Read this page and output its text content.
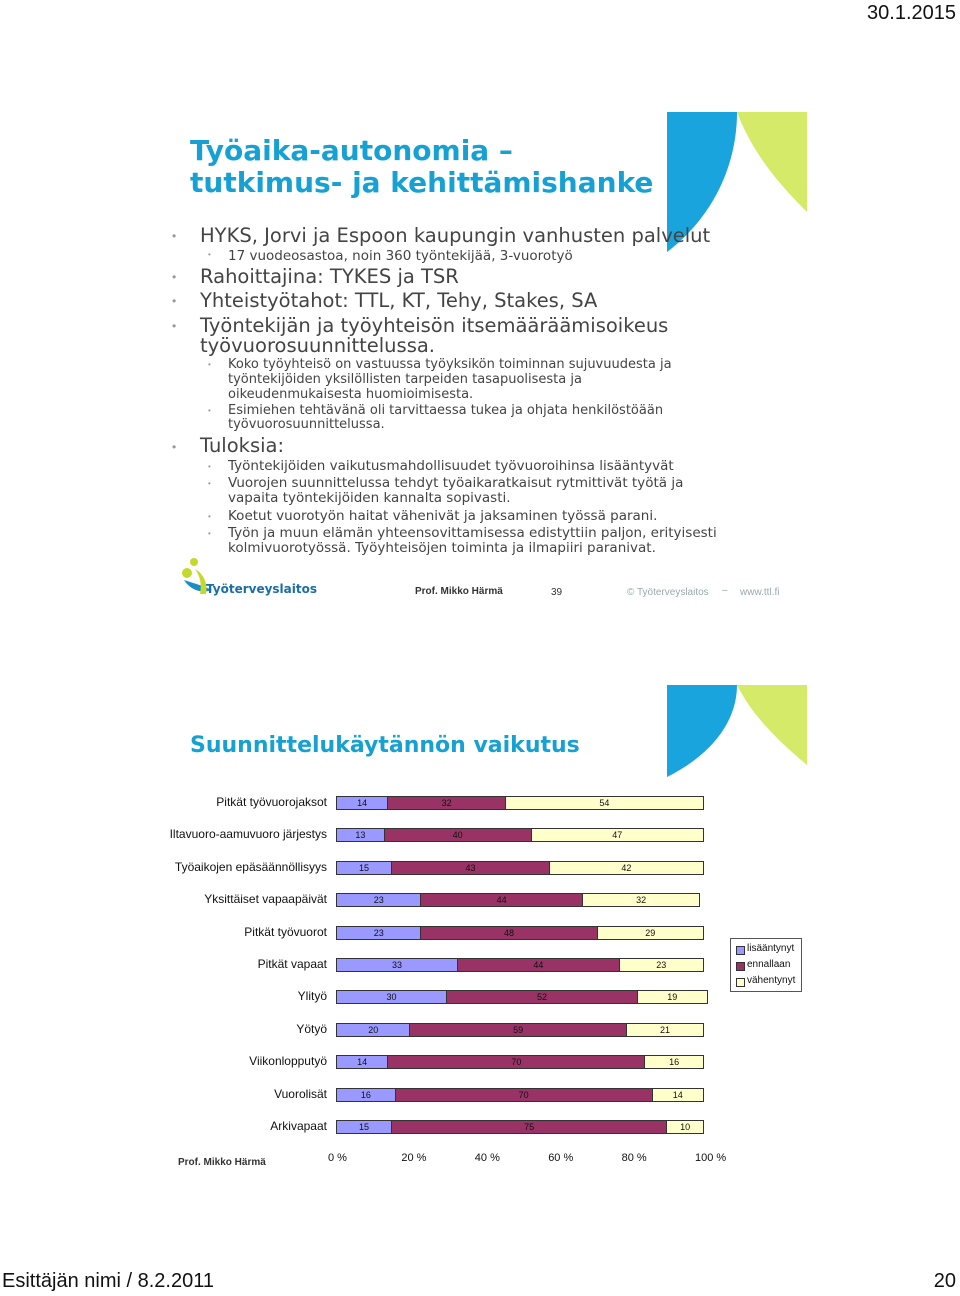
30.1.2015
Työaika-autonomia –
tutkimus- ja kehittämishanke
• HYKS, Jorvi ja Espoon kaupungin vanhusten palvelut
• 17 vuodeosastoa, noin 360 työntekijää, 3-vuorotyö
• Rahoittajina: TYKES ja TSR
• Yhteistyötahot: TTL, KT, Tehy, Stakes, SA
• Työntekijän ja työyhteisön itsemääräämisoikeus
työvuorosuunnittelussa.
• Koko työyhteisö on vastuussa työyksikön toiminnan sujuvuudesta ja
työntekijöiden yksilöllisten tarpeiden tasapuolisesta ja
oikeudenmukaisesta huomioimisesta.
• Esimiehen tehtävänä oli tarvittaessa tukea ja ohjata henkilöstöään
työvuorosuunnittelussa.
• Tuloksia:
• Työntekijöiden vaikutusmahdollisuudet työvuoroihinsa lisääntyvät
• Vuorojen suunnittelussa tehdyt työaikaratkaisut rytmittivät työtä ja
vapaita työntekijöiden kannalta sopivasti.
• Koetut vuorotyön haitat vähenivät ja jaksaminen työssä parani.
• Työn ja muun elämän yhteensovittamisessa edistyttiin paljon, erityisesti
kolmivuorotyössä. Työyhteisöjen toiminta ja ilmapiiri paranivat.
Työterveyslaitos	Prof. Mikko Härmä	39	© Työterveyslaitos – www.ttl.fi
Suunnittelukäytännön vaikutus
Pitkät työvuorojaksot	14	32	54
Iltavuoro-aamuvuoro järjestys	13	40	47
Työaikojen epäsäännöllisyys	15	43	42
Yksittäiset vapaapäivät	23	44	32
Pitkät työvuorot	23	48	29
Pitkät vapaat	33	44	23
Ylityö	30	52	19
Yötyö	20	59	21
Viikonlopputyö	14	70	16
Vuorolisät	16	70	14
Arkivapaat	15	75	10
0 %	20 %	40 %	60 %	80 %	100 %
lisääntynyt
ennallaan
vähentynyt
Prof. Mikko Härmä
Esittäjän nimi / 8.2.2011	20
